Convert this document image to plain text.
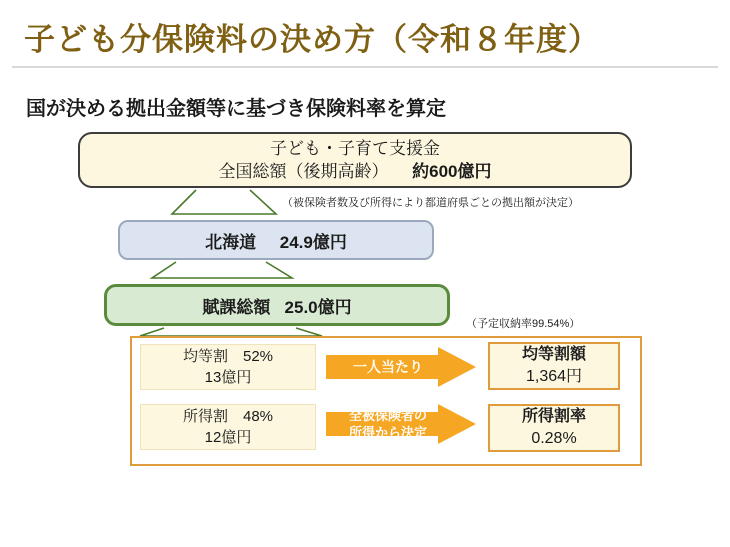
子ども分保険料の決め方（令和８年度）
国が決める拠出金額等に基づき保険料率を算定
子ども・子育て支援金
全国総額（後期高齢） 約600億円
（被保険者数及び所得により都道府県ごとの拠出額が決定）
北海道 24.9億円
賦課総額 25.0億円
（予定収納率99.54%）
均等割　52%
13億円
所得割　48%
12億円
一人当たり
全被保険者の
所得から決定
均等割額
1,364円
所得割率
0.28%
